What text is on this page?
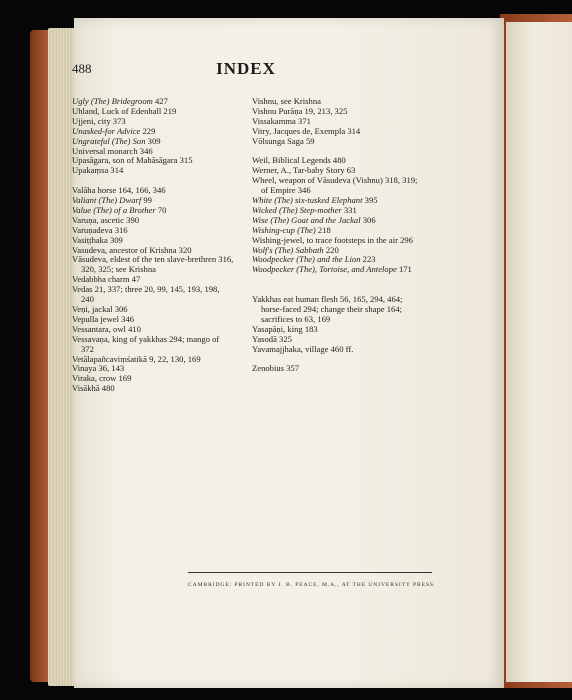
488	INDEX
Ugly (The) Bridegroom 427
Uhland, Luck of Edenhall 219
Ujjeni, city 373
Unasked-for Advice 229
Ungrateful (The) Son 309
Universal monarch 346
Upasāgara, son of Mahāsāgara 315
Upakaṃsa 314
Valāha horse 164, 166, 346
Valiant (The) Dwarf 99
Value (The) of a Brother 70
Varuṇa, ascetic 390
Varuṇadeva 316
Vasiṭṭhaka 309
Vasudeva, ancestor of Krishna 320
Vāsudeva, eldest of the ten slave-brethren 316, 320, 325; see Krishna
Vedabbha charm 47
Vedas 21, 337; three 20, 99, 145, 193, 198, 240
Veṇi, jackal 306
Vepulla jewel 346
Vessantara, owl 410
Vessavaṇa, king of yakkhas 294; mango of 372
Vetālapañcaviṃśatikā 9, 22, 130, 169
Vinaya 36, 143
Viraka, crow 169
Visākhā 480
Vishnu, see Krishna
Vishnu Purāṇa 19, 213, 325
Vissakamma 371
Vitry, Jacques de, Exempla 314
Vōlsunga Saga 59
Weil, Biblical Legends 480
Werner, A., Tar-baby Story 63
Wheel, weapon of Vāsudeva (Vishnu) 318, 319; of Empire 346
White (The) six-tusked Elephant 395
Wicked (The) Step-mother 331
Wise (The) Goat and the Jackal 306
Wishing-cup (The) 218
Wishing-jewel, to trace footsteps in the air 296
Wolf's (The) Sabbath 220
Woodpecker (The) and the Lion 223
Woodpecker (The), Tortoise, and Antelope 171
Yakkhas eat human flesh 56, 165, 294, 464; horse-faced 294; change their shape 164; sacrifices to 63, 169
Yasapāṇi, king 183
Yasodā 325
Yavamajjhaka, village 460 ff.
Zenobius 357
CAMBRIDGE: PRINTED BY J. B. PEACE, M.A., AT THE UNIVERSITY PRESS.
